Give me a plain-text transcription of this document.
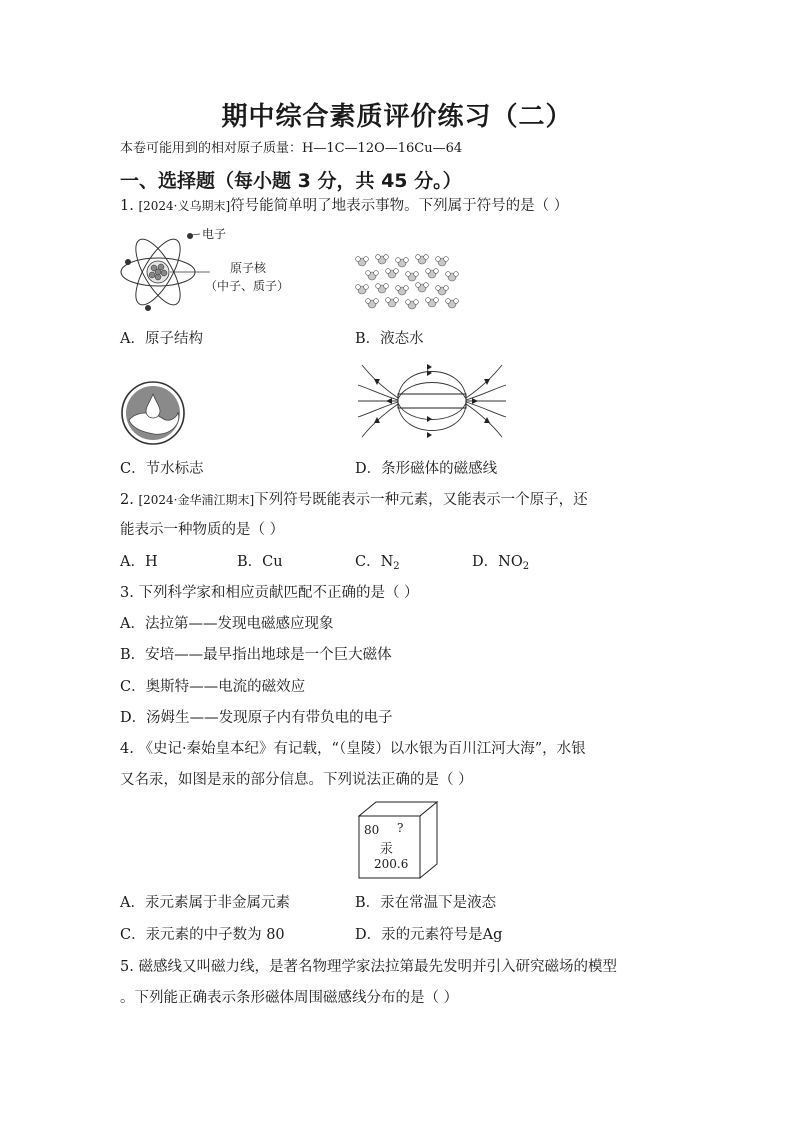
期中综合素质评价练习（二）
本卷可能用到的相对原子质量：H—1C—12O—16Cu—64
一、选择题（每小题 3 分，共 45 分。）
1. [2024·义乌期末]符号能简单明了地表示事物。下列属于符号的是（ ）
电子
原子核
（中子、质子）
A．原子结构	B．液态水
C．节水标志	D．条形磁体的磁感线
2. [2024·金华浦江期末]下列符号既能表示一种元素，又能表示一个原子，还
能表示一种物质的是（ ）
A．H	B．Cu	C．$N_2$	D．$NO_2$
3. 下列科学家和相应贡献匹配不正确的是（ ）
A．法拉第——发现电磁感应现象
B．安培——最早指出地球是一个巨大磁体
C．奥斯特——电流的磁效应
D．汤姆生——发现原子内有带负电的电子
4. 《史记·秦始皇本纪》有记载，“（皇陵）以水银为百川江河大海”，水银
又名汞，如图是汞的部分信息。下列说法正确的是（ ）
80 ?
汞
200.6
A．汞元素属于非金属元素	B．汞在常温下是液态
C．汞元素的中子数为 80	D．汞的元素符号是Ag
5. 磁感线又叫磁力线，是著名物理学家法拉第最先发明并引入研究磁场的模型
。下列能正确表示条形磁体周围磁感线分布的是（ ）
